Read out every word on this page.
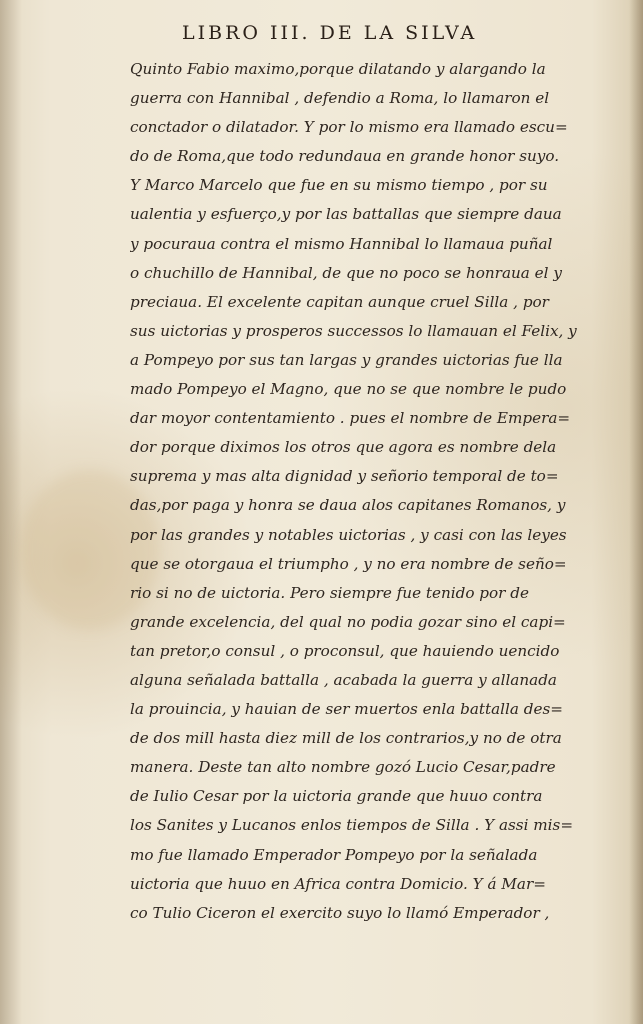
LIBRO III. DE LA SILVA
Quinto Fabio maximo,porque dilatando y alargando la
guerra con Hannibal , defendio a Roma, lo llamaron el
conctador o dilatador. Y por lo mismo era llamado escu=
do de Roma,que todo redundaua en grande honor suyo.
Y Marco Marcelo que fue en su mismo tiempo , por su
ualentia y esfuerço,y por las battallas que siempre daua
y pocuraua contra el mismo Hannibal lo llamaua puñal
o chuchillo de Hannibal, de que no poco se honraua el y
preciaua. El excelente capitan aunque cruel Silla , por
sus uictorias y prosperos successos lo llamauan el Felix, y
a Pompeyo por sus tan largas y grandes uictorias fue lla
mado Pompeyo el Magno, que no se que nombre le pudo
dar moyor contentamiento . pues el nombre de Empera=
dor porque diximos los otros que agora es nombre dela
suprema y mas alta dignidad y señorio temporal de to=
das,por paga y honra se daua alos capitanes Romanos, y
por las grandes y notables uictorias , y casi con las leyes
que se otorgaua el triumpho , y no era nombre de seño=
rio si no de uictoria. Pero siempre fue tenido por de
grande excelencia, del qual no podia gozar sino el capi=
tan pretor,o consul , o proconsul, que hauiendo uencido
alguna señalada battalla , acabada la guerra y allanada
la prouincia, y hauian de ser muertos enla battalla des=
de dos mill hasta diez mill de los contrarios,y no de otra
manera. Deste tan alto nombre gozó Lucio Cesar,padre
de Iulio Cesar por la uictoria grande que huuo contra
los Sanites y Lucanos enlos tiempos de Silla . Y assi mis=
mo fue llamado Emperador Pompeyo por la señalada
uictoria que huuo en Africa contra Domicio. Y á Mar=
co Tulio Ciceron el exercito suyo lo llamó Emperador ,
